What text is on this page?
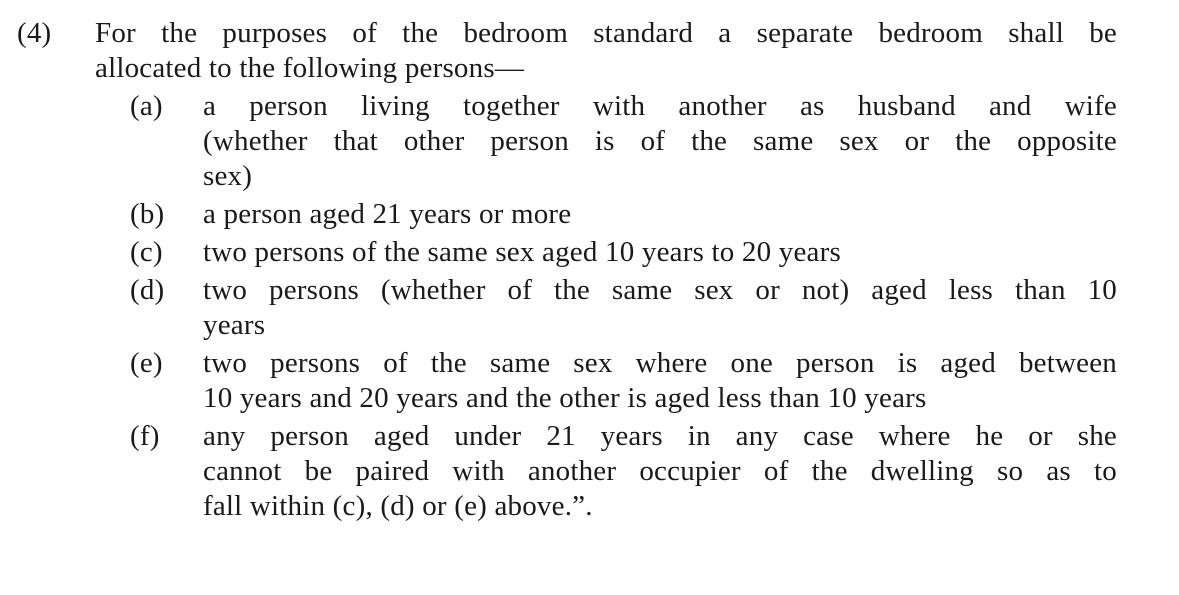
(4)	For the purposes of the bedroom standard a separate bedroom shall be
allocated to the following persons—
(a)	a person living together with another as husband and wife
(whether that other person is of the same sex or the opposite
sex)
(b)	a person aged 21 years or more
(c)	two persons of the same sex aged 10 years to 20 years
(d)	two persons (whether of the same sex or not) aged less than 10
years
(e)	two persons of the same sex where one person is aged between
10 years and 20 years and the other is aged less than 10 years
(f)	any person aged under 21 years in any case where he or she
cannot be paired with another occupier of the dwelling so as to
fall within (c), (d) or (e) above.”.
